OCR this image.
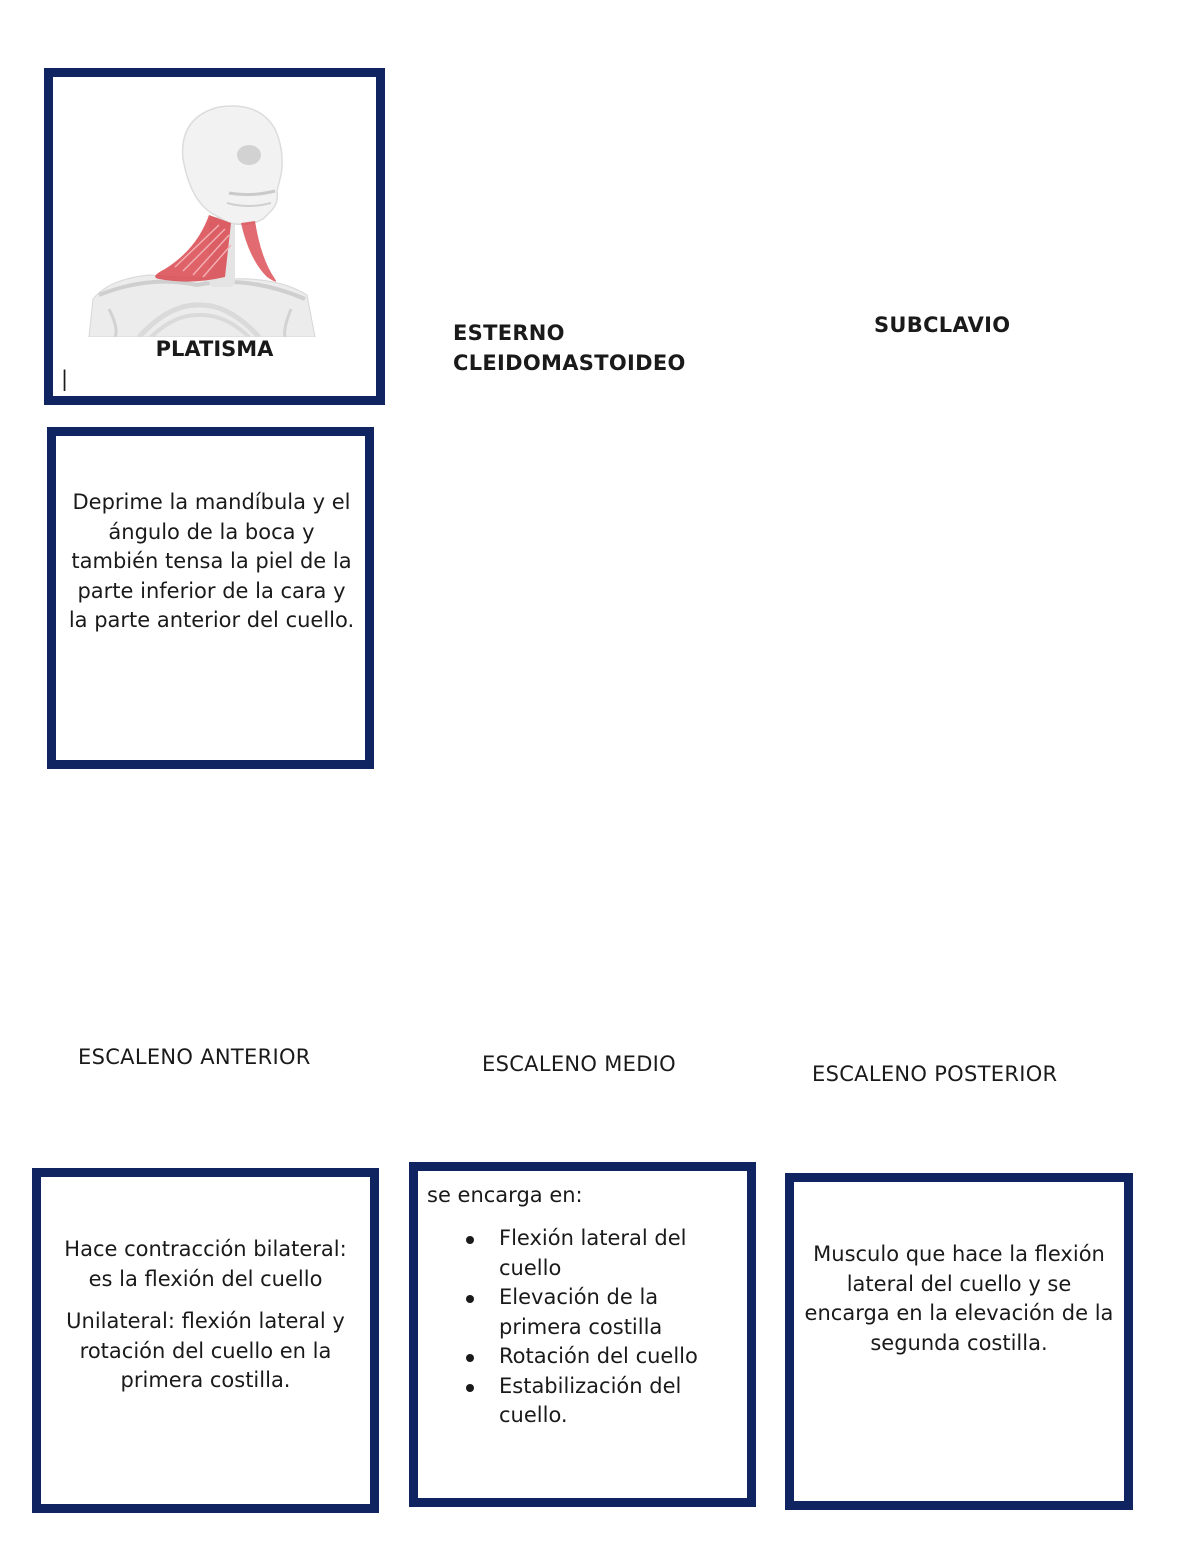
PLATISMA
|
Deprime la mandíbula y el ángulo de la boca y también tensa la piel de la parte inferior de la cara y la parte anterior del cuello.
ESTERNO
CLEIDOMASTOIDEO
SUBCLAVIO
ESCALENO ANTERIOR	ESCALENO MEDIO	ESCALENO POSTERIOR
Hace contracción bilateral: es la flexión del cuello
Unilateral: flexión lateral y rotación del cuello en la primera costilla.
se encarga en:
Flexión lateral del cuello
Elevación de la primera costilla
Rotación del cuello
Estabilización del cuello.
Musculo que hace la flexión lateral del cuello y se encarga en la elevación de la segunda costilla.
